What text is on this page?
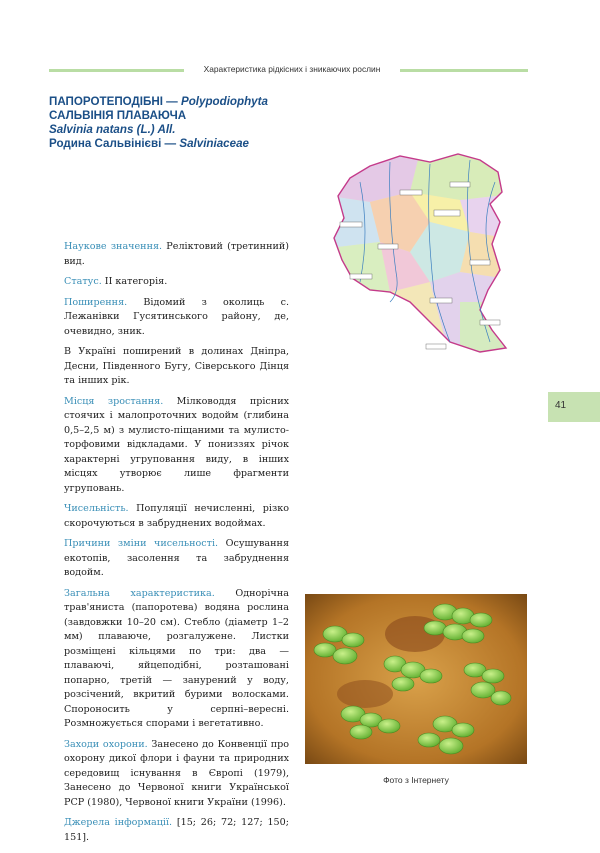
Характеристика рідкісних і зникаючих рослин
ПАПОРОТЕПОДІБНІ — Polypodiophyta
САЛЬВІНІЯ ПЛАВАЮЧА
Salvinia natans (L.) All.
Родина Сальвінієві — Salviniaceae
41

Наукове значення. Реліктовий (третинний) вид.

Статус. II категорія.

Поширення. Відомий з околиць с. Лежанівки Гусятинського району, де, очевидно, зник.

В Україні поширений в долинах Дніпра, Десни, Південного Бугу, Сіверського Дінця та інших рік.

Місця зростання. Мілководдя прісних стоячих і малопроточних водойм (глибина 0,5–2,5 м) з мулисто-піщаними та мулисто-торфовими відкладами. У пониззях річок характерні угруповання виду, в інших місцях утворює лише фрагменти угруповань.

Чисельність. Популяції нечисленні, різко скорочуються в забруднених водоймах.

Причини зміни чисельності. Осушування екотопів, засолення та забруднення водойм.

Загальна характеристика. Однорічна трав'яниста (папоротева) водяна рослина (завдовжки 10–20 см). Стебло (діаметр 1–2 мм) плаваюче, розгалужене. Листки розміщені кільцями по три: два — плаваючі, яйцеподібні, розташовані попарно, третій — занурений у воду, розсічений, вкритий бурими волосками. Спороносить у серпні–вересні. Розмножується спорами і вегетативно.

Заходи охорони. Занесено до Конвенції про охорону дикої флори і фауни та природних середовищ існування в Європі (1979), Занесено до Червоної книги Української РСР (1980), Червоної книги України (1996).

Джерела інформації. [15; 26; 72; 127; 150; 151].

Фото з Інтернету
